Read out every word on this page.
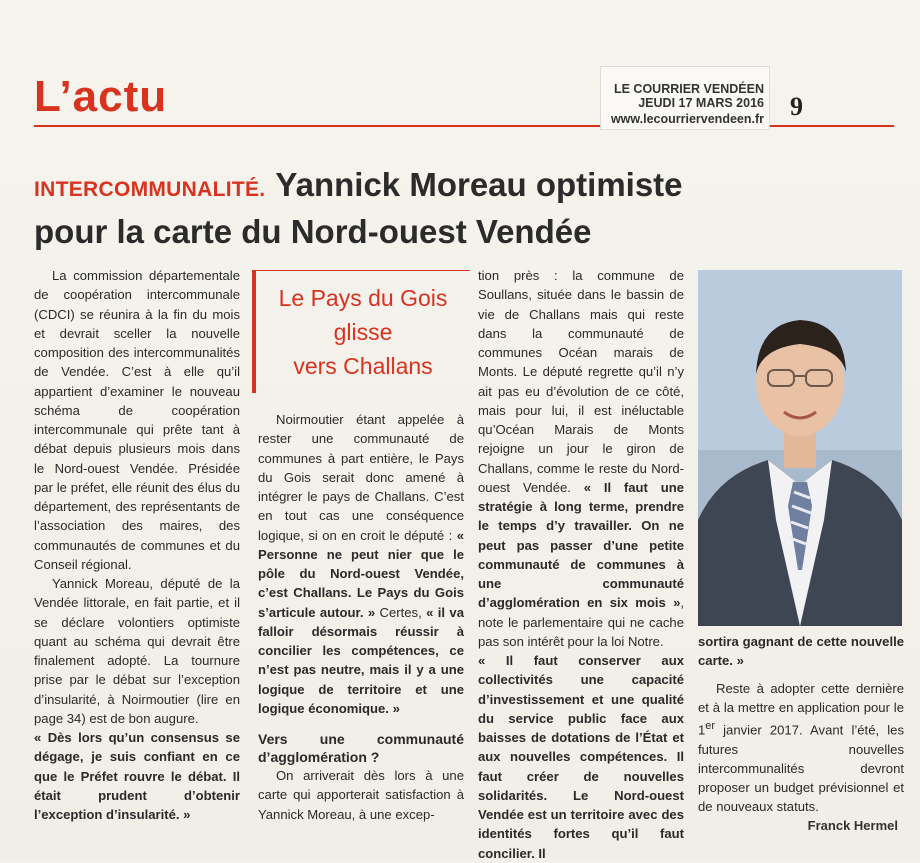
L’actu	LE COURRIER VENDÉEN
JEUDI 17 MARS 2016
www.lecourriervendeen.fr 9
INTERCOMMUNALITÉ. Yannick Moreau optimiste
pour la carte du Nord-ouest Vendée

La commission départementale de coopération intercommunale (CDCI) se réunira à la fin du mois et devrait sceller la nouvelle composition des intercommunalités de Vendée. C’est à elle qu’il appartient d’examiner le nouveau schéma de coopération intercommunale qui prête tant à débat depuis plusieurs mois dans le Nord-ouest Vendée. Présidée par le préfet, elle réunit des élus du département, des représentants de l’association des maires, des communautés de communes et du Conseil régional.

Yannick Moreau, député de la Vendée littorale, en fait partie, et il se déclare volontiers optimiste quant au schéma qui devrait être finalement adopté. La tournure prise par le débat sur l’exception d’insularité, à Noirmoutier (lire en page 34) est de bon augure.
« Dès lors qu’un consensus se dégage, je suis confiant en ce que le Préfet rouvre le débat. Il était prudent d’obtenir l’exception d’insularité. »

Le Pays du Gois
glisse
vers Challans

Noirmoutier étant appelée à rester une communauté de communes à part entière, le Pays du Gois serait donc amené à intégrer le pays de Challans. C’est en tout cas une conséquence logique, si on en croit le député : « Personne ne peut nier que le pôle du Nord-ouest Vendée, c’est Challans. Le Pays du Gois s’articule autour. » Certes, « il va falloir désormais réussir à concilier les compétences, ce n’est pas neutre, mais il y a une logique de territoire et une logique économique. »

Vers une communauté d’agglomération ?

On arriverait dès lors à une carte qui apporterait satisfaction à Yannick Moreau, à une excep-

tion près : la commune de Soullans, située dans le bassin de vie de Challans mais qui reste dans la communauté de communes Océan marais de Monts. Le député regrette qu’il n’y ait pas eu d’évolution de ce côté, mais pour lui, il est inéluctable qu’Océan Marais de Monts rejoigne un jour le giron de Challans, comme le reste du Nord-ouest Vendée. « Il faut une stratégie à long terme, prendre le temps d’y travailler. On ne peut pas passer d’une petite communauté de communes à une communauté d’agglomération en six mois », note le parlementaire qui ne cache pas son intérêt pour la loi Notre.

« Il faut conserver aux collectivités une capacité d’investissement et une qualité du service public face aux baisses de dotations de l’État et aux nouvelles compétences. Il faut créer de nouvelles solidarités. Le Nord-ouest Vendée est un territoire avec des identités fortes qu’il faut concilier. Il

sortira gagnant de cette nouvelle carte. »

Reste à adopter cette dernière et à la mettre en application pour le 1er janvier 2017. Avant l’été, les futures nouvelles intercommunalités devront proposer un budget prévisionnel et de nouveaux statuts.

Franck Hermel
